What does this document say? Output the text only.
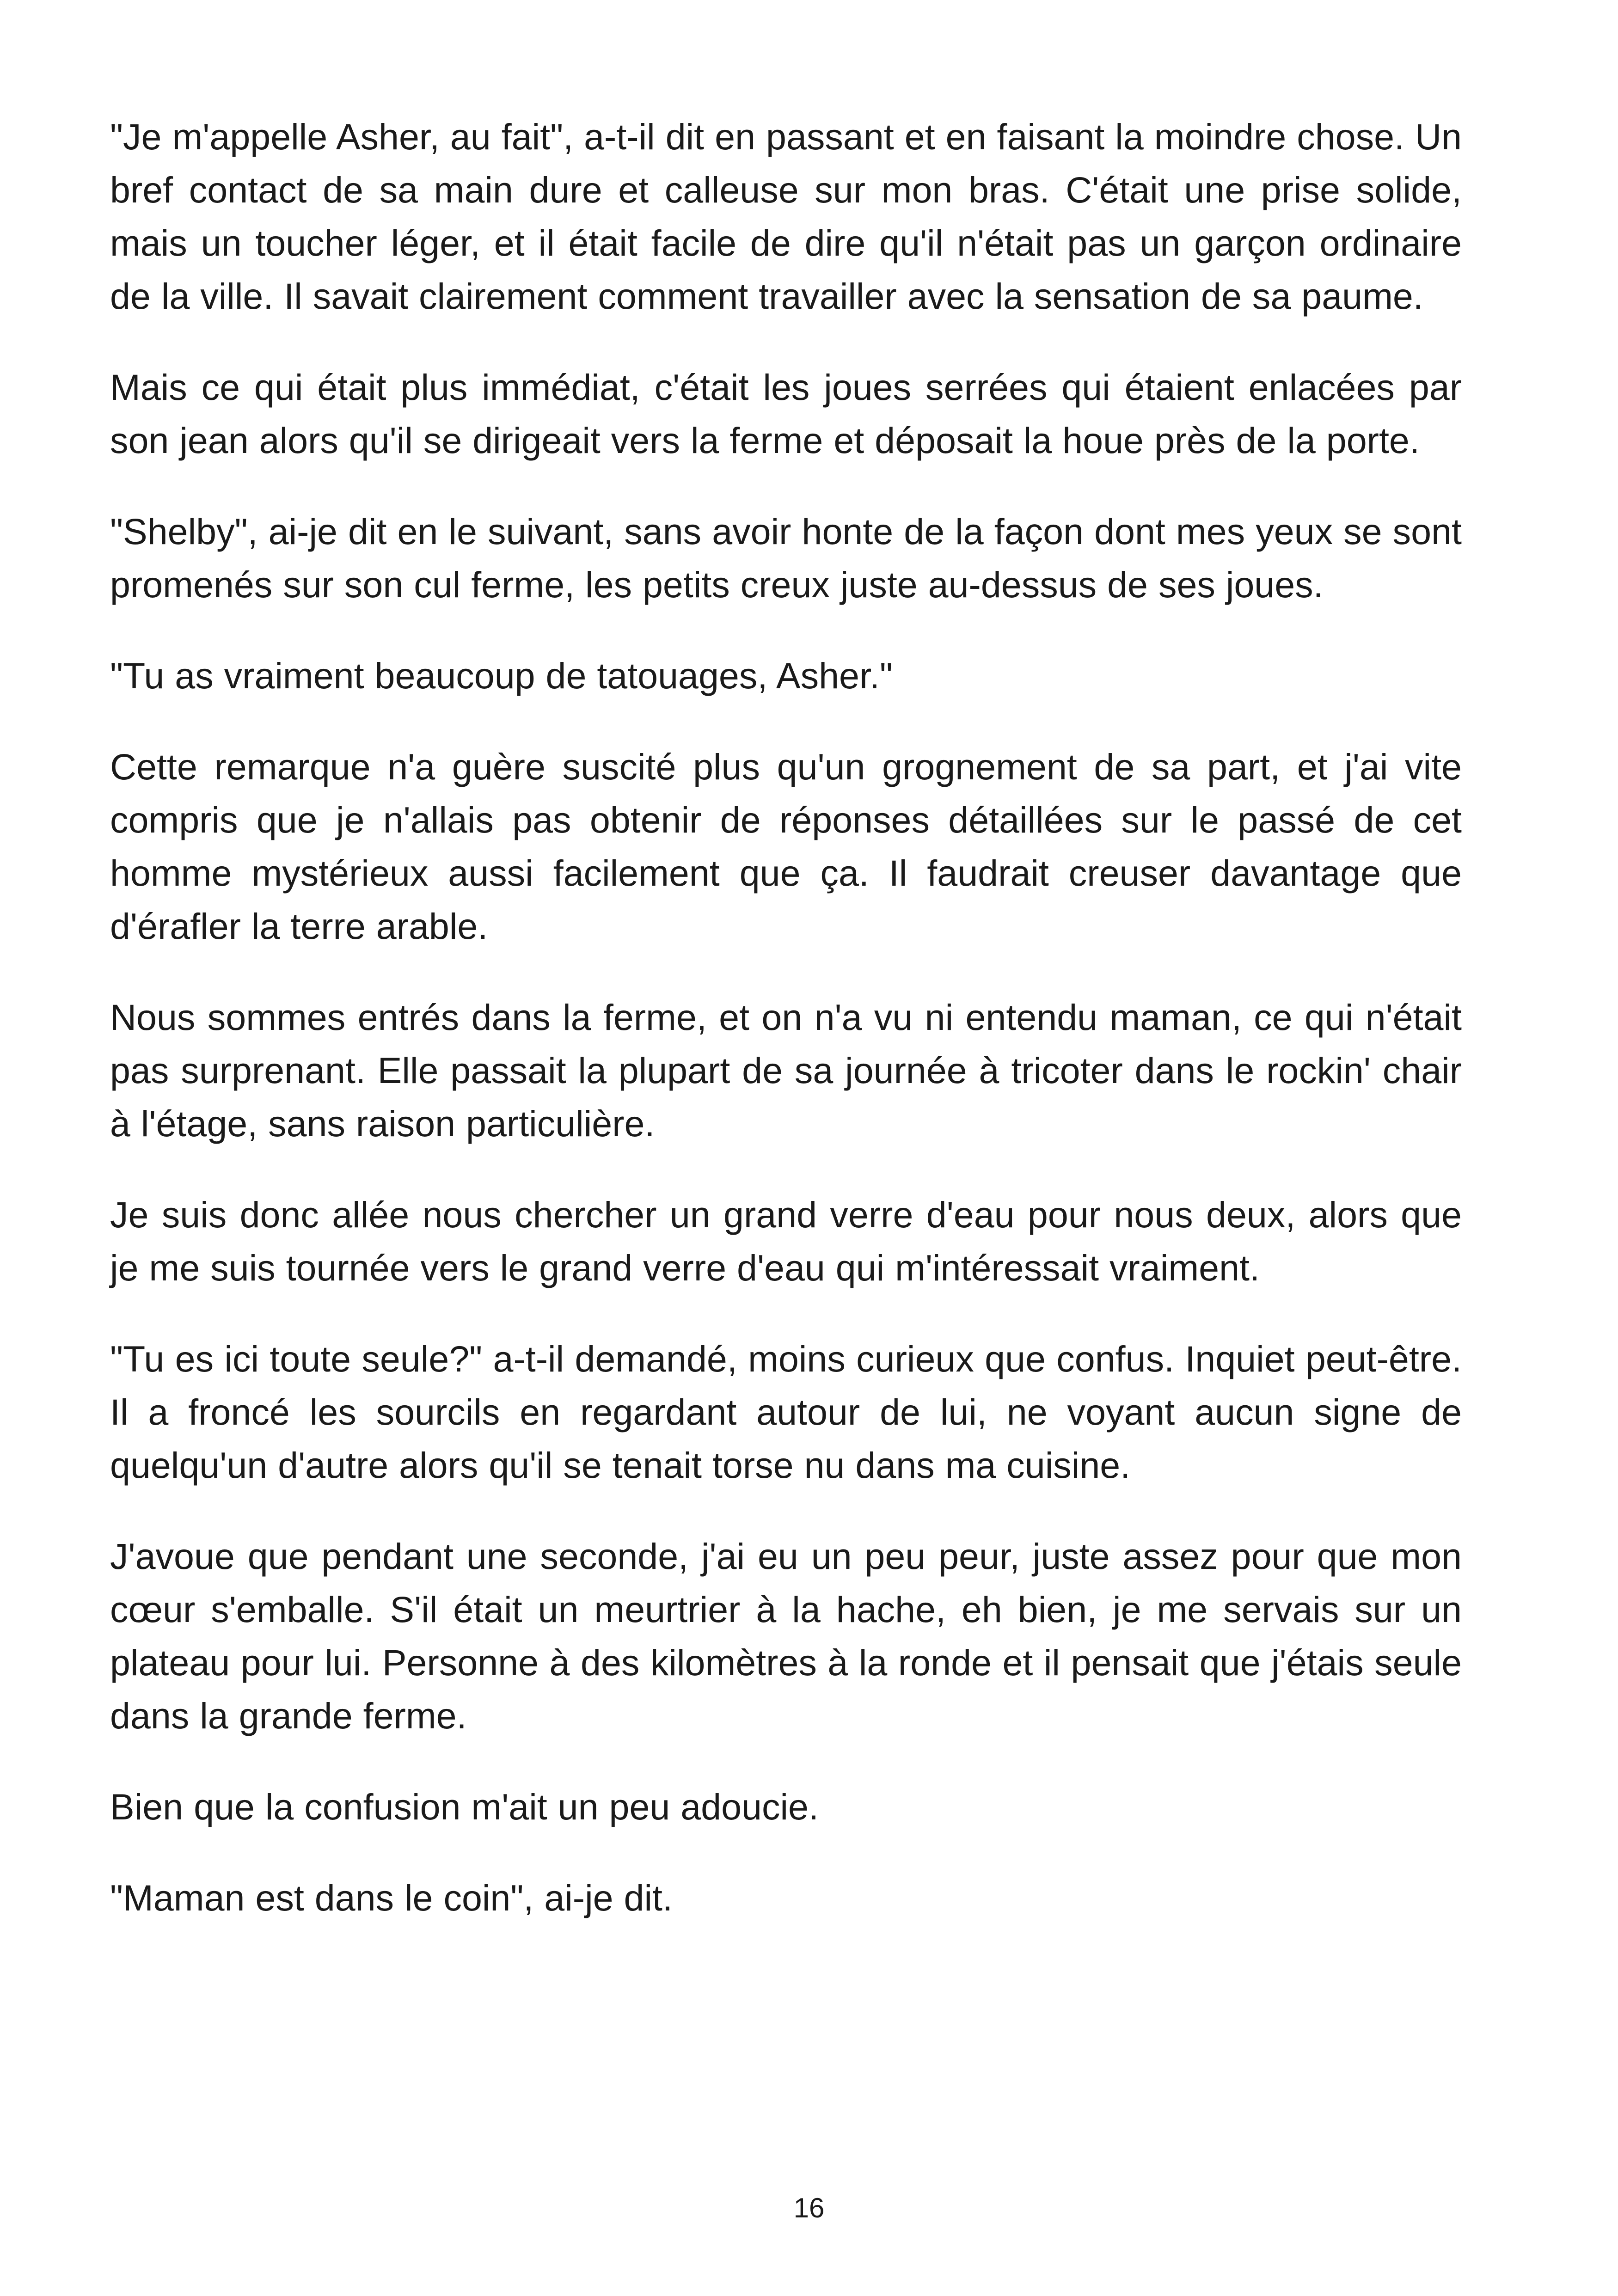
"Je m'appelle Asher, au fait", a-t-il dit en passant et en faisant la moindre chose. Un bref contact de sa main dure et calleuse sur mon bras. C'était une prise solide, mais un toucher léger, et il était facile de dire qu'il n'était pas un garçon ordinaire de la ville. Il savait clairement comment travailler avec la sensation de sa paume.

Mais ce qui était plus immédiat, c'était les joues serrées qui étaient enlacées par son jean alors qu'il se dirigeait vers la ferme et déposait la houe près de la porte.

"Shelby", ai-je dit en le suivant, sans avoir honte de la façon dont mes yeux se sont promenés sur son cul ferme, les petits creux juste au-dessus de ses joues.

"Tu as vraiment beaucoup de tatouages, Asher."

Cette remarque n'a guère suscité plus qu'un grognement de sa part, et j'ai vite compris que je n'allais pas obtenir de réponses détaillées sur le passé de cet homme mystérieux aussi facilement que ça. Il faudrait creuser davantage que d'érafler la terre arable.

Nous sommes entrés dans la ferme, et on n'a vu ni entendu maman, ce qui n'était pas surprenant. Elle passait la plupart de sa journée à tricoter dans le rockin' chair à l'étage, sans raison particulière.

Je suis donc allée nous chercher un grand verre d'eau pour nous deux, alors que je me suis tournée vers le grand verre d'eau qui m'intéressait vraiment.

"Tu es ici toute seule?" a-t-il demandé, moins curieux que confus. Inquiet peut-être. Il a froncé les sourcils en regardant autour de lui, ne voyant aucun signe de quelqu'un d'autre alors qu'il se tenait torse nu dans ma cuisine.

J'avoue que pendant une seconde, j'ai eu un peu peur, juste assez pour que mon cœur s'emballe. S'il était un meurtrier à la hache, eh bien, je me servais sur un plateau pour lui. Personne à des kilomètres à la ronde et il pensait que j'étais seule dans la grande ferme.

Bien que la confusion m'ait un peu adoucie.

"Maman est dans le coin", ai-je dit.

16
